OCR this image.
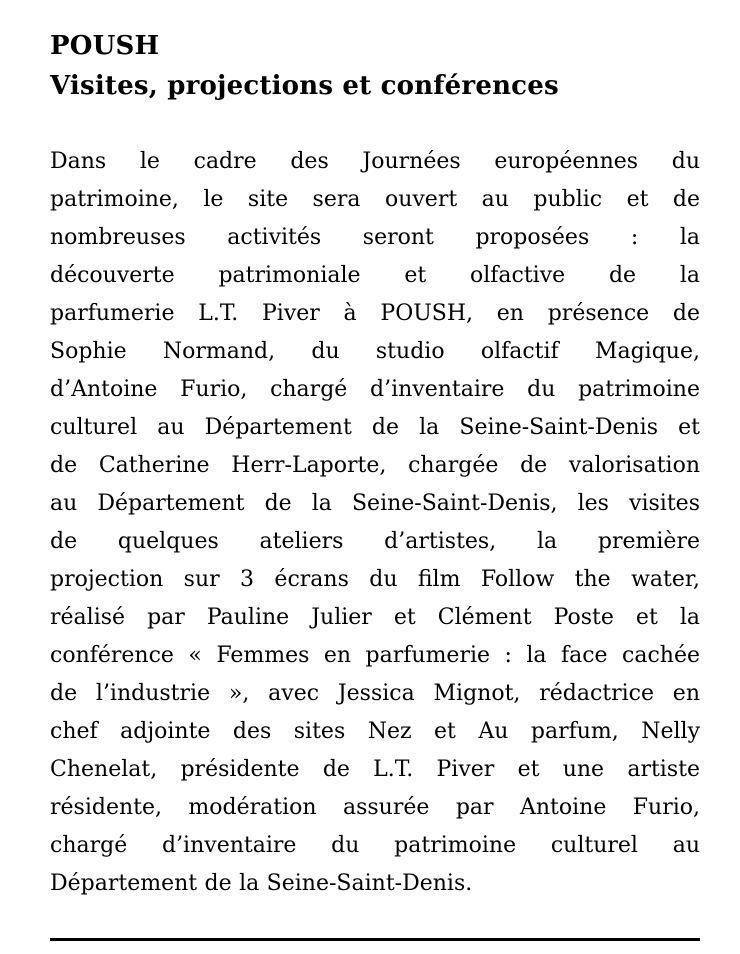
POUSH
Visites, projections et conférences
Dans le cadre des Journées européennes du
patrimoine, le site sera ouvert au public et de
nombreuses activités seront proposées : la
découverte patrimoniale et olfactive de la
parfumerie L.T. Piver à POUSH, en présence de
Sophie Normand, du studio olfactif Magique,
d’Antoine Furio, chargé d’inventaire du patrimoine
culturel au Département de la Seine-Saint-Denis et
de Catherine Herr-Laporte, chargée de valorisation
au Département de la Seine-Saint-Denis, les visites
de quelques ateliers d’artistes, la première
projection sur 3 écrans du film Follow the water,
réalisé par Pauline Julier et Clément Poste et la
conférence « Femmes en parfumerie : la face cachée
de l’industrie », avec Jessica Mignot, rédactrice en
chef adjointe des sites Nez et Au parfum, Nelly
Chenelat, présidente de L.T. Piver et une artiste
résidente, modération assurée par Antoine Furio,
chargé d’inventaire du patrimoine culturel au
Département de la Seine-Saint-Denis.
